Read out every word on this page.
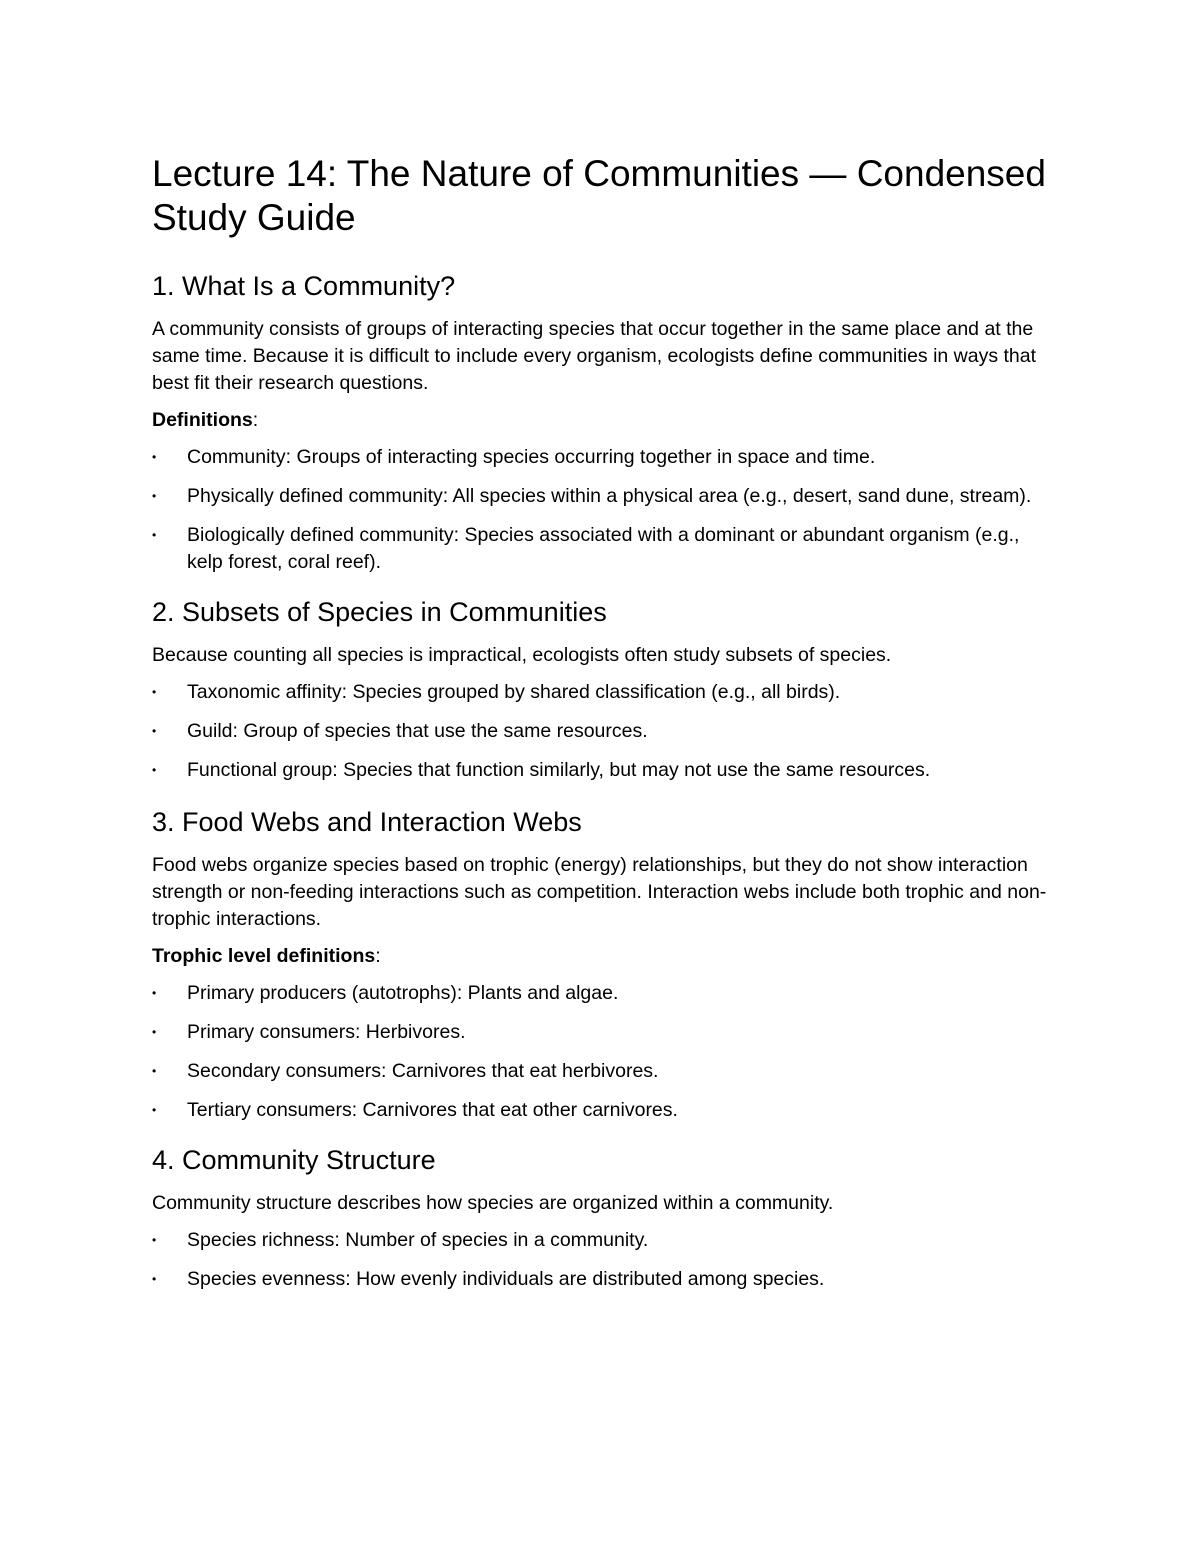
Lecture 14: The Nature of Communities — Condensed Study Guide
1. What Is a Community?

A community consists of groups of interacting species that occur together in the same place and at the same time. Because it is difficult to include every organism, ecologists define communities in ways that best fit their research questions.

Definitions:

• Community: Groups of interacting species occurring together in space and time.
• Physically defined community: All species within a physical area (e.g., desert, sand dune, stream).
• Biologically defined community: Species associated with a dominant or abundant organism (e.g., kelp forest, coral reef).
2. Subsets of Species in Communities

Because counting all species is impractical, ecologists often study subsets of species.

• Taxonomic affinity: Species grouped by shared classification (e.g., all birds).
• Guild: Group of species that use the same resources.
• Functional group: Species that function similarly, but may not use the same resources.
3. Food Webs and Interaction Webs

Food webs organize species based on trophic (energy) relationships, but they do not show interaction strength or non-feeding interactions such as competition. Interaction webs include both trophic and non-trophic interactions.

Trophic level definitions:

• Primary producers (autotrophs): Plants and algae.
• Primary consumers: Herbivores.
• Secondary consumers: Carnivores that eat herbivores.
• Tertiary consumers: Carnivores that eat other carnivores.
4. Community Structure

Community structure describes how species are organized within a community.

• Species richness: Number of species in a community.
• Species evenness: How evenly individuals are distributed among species.
